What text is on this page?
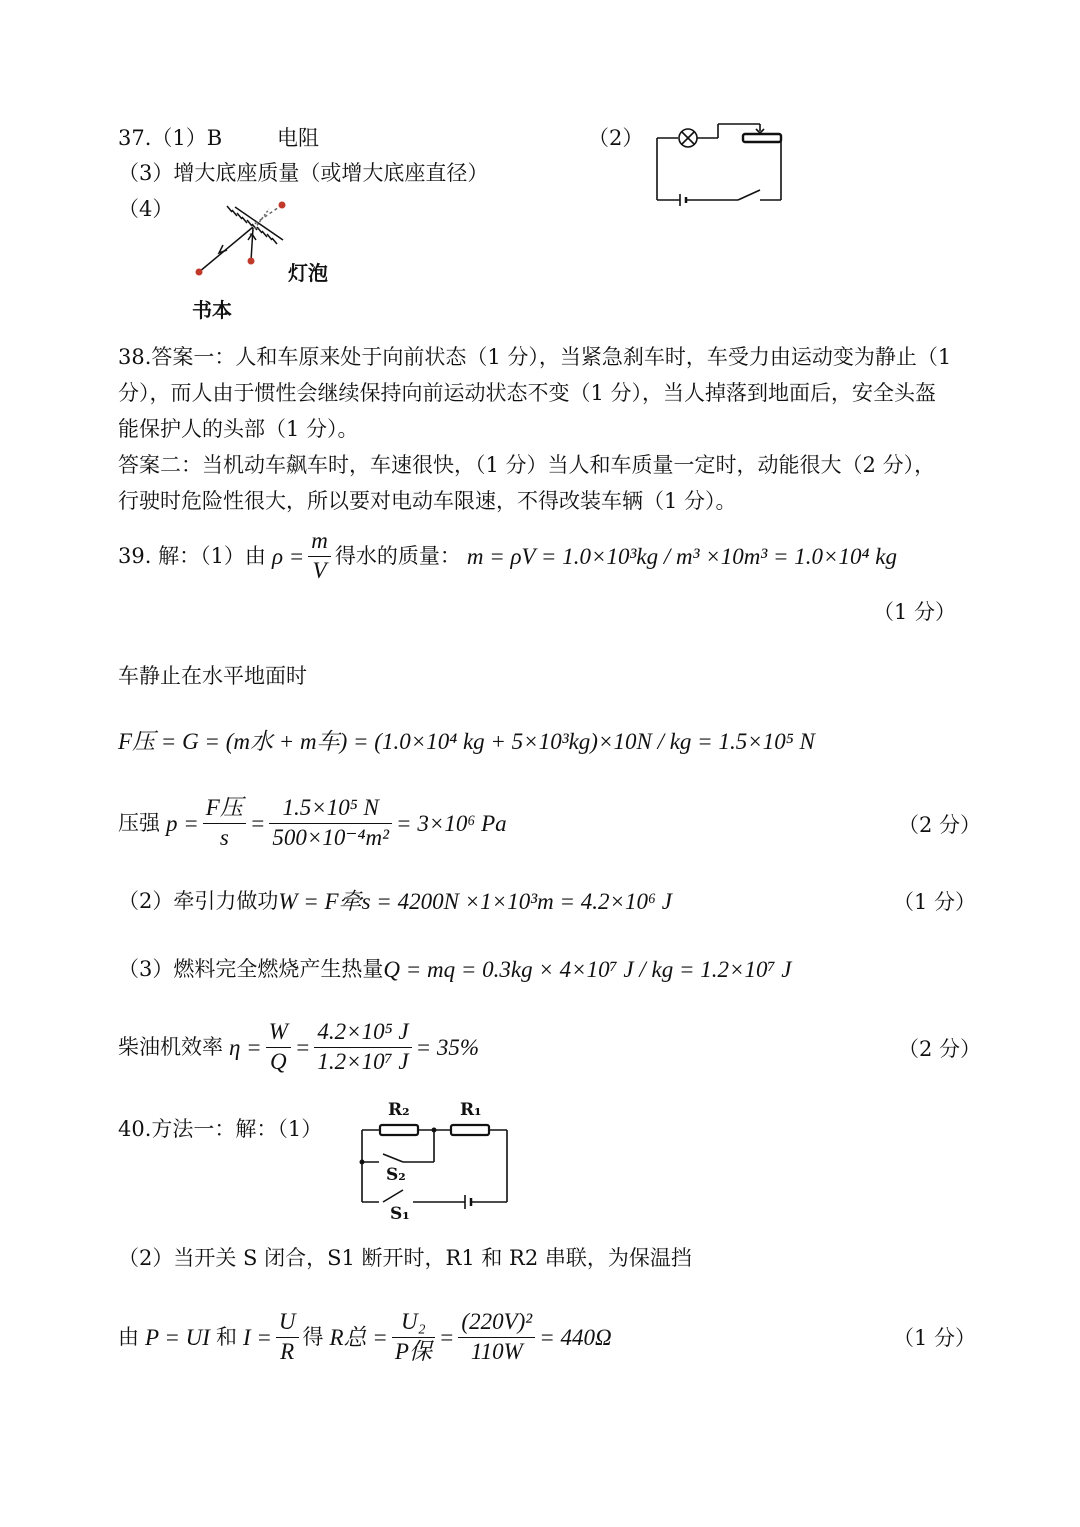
37.（1）B	电阻	（2）
（3）增大底座质量（或增大底座直径）
（4）
灯泡
书本
38.答案一：人和车原来处于向前状态（1 分），当紧急刹车时，车受力由运动变为静止（1
分），而人由于惯性会继续保持向前运动状态不变（1 分），当人掉落到地面后，安全头盔
能保护人的头部（1 分）。
答案二：当机动车飙车时，车速很快，（1 分）当人和车质量一定时，动能很大（2 分），
行驶时危险性很大，所以要对电动车限速，不得改装车辆（1 分）。
39. 解：（1）由 $\rho = \frac{m}{V}$ 得水的质量： m = ρV = 1.0×10³kg / m³ ×10m³ = 1.0×10⁴ kg
（1 分）
车静止在水平地面时
F压 = G = (m水 + m车) = (1.0×10⁴ kg + 5×10³kg)×10N / kg = 1.5×10⁵ N
压强 $p = \frac{\text{F压}}{s} = \frac{\text{1.5×10⁵ N}}{\text{500×10⁻⁴m²}} = 3\times 10^6$ Pa	（2 分）
（2）牵引力做功 W = F牵s = 4200N ×1×10³m = 4.2×10⁶ J	（1 分）
（3）燃料完全燃烧产生热量 Q = mq = 0.3kg × 4×10⁷ J / kg = 1.2×10⁷ J
柴油机效率 $\eta = \frac{W}{Q} = \frac{\text{4.2×10⁵ J}}{\text{1.2×10⁷ J}} = 35\%$	（2 分）
40.方法一：解：（1）
R₂	R₁
S₂
S₁
（2）当开关 S 闭合，S1 断开时，R1 和 R2 串联，为保温挡
由 P = UI 和 $I = \frac{U}{R}$ 得 R总 = $\frac{\text{U₂}}{\text{P保}} = \frac{\text{(220V)²}}{110W} = 440\Omega$	（1 分）
